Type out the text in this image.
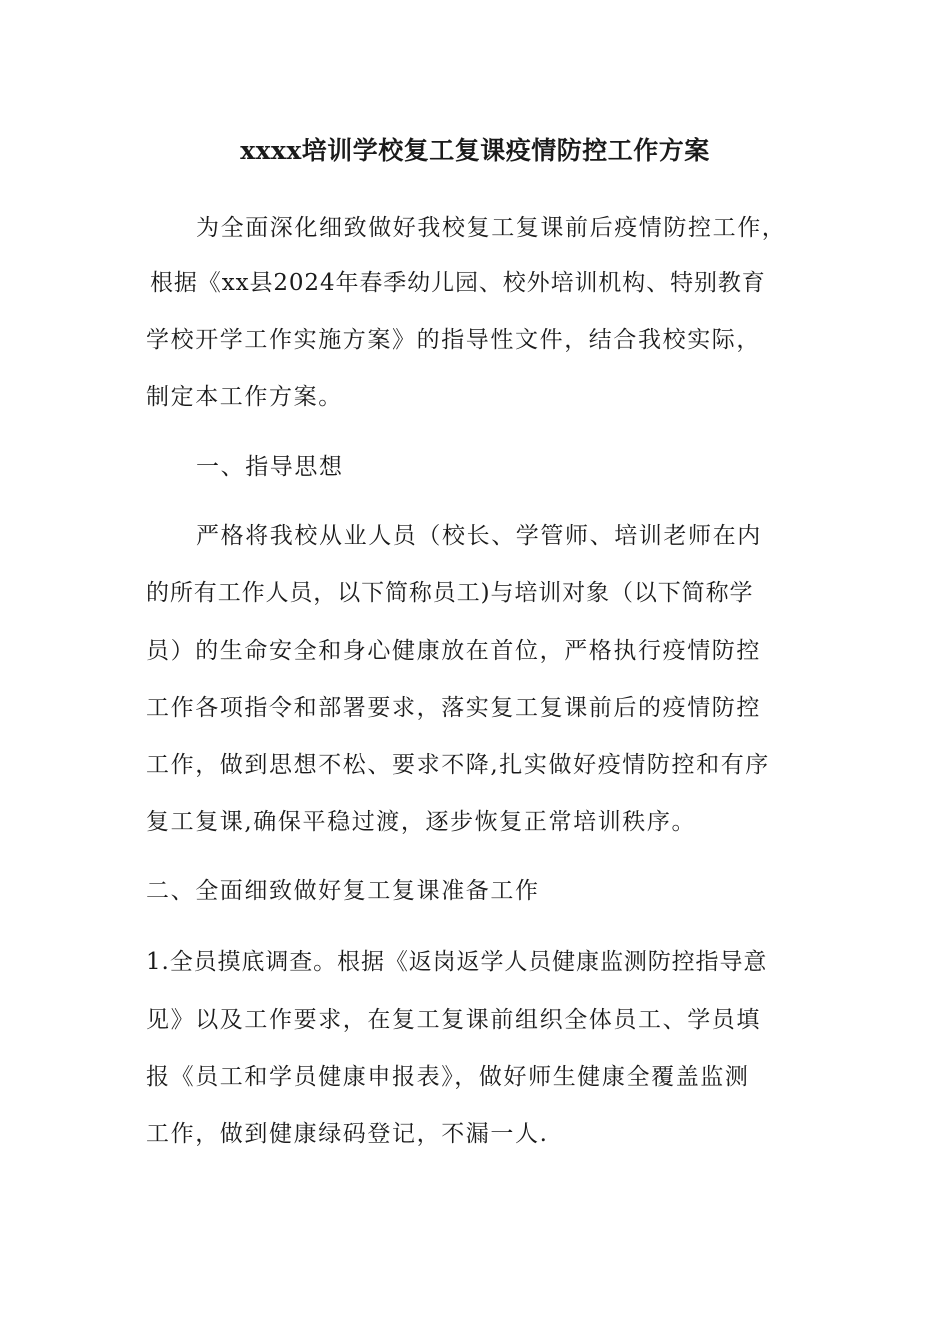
xxxx培训学校复工复课疫情防控工作方案

为全面深化细致做好我校复工复课前后疫情防控工作，

根据《xx县2024年春季幼儿园、校外培训机构、特别教育

学校开学工作实施方案》的指导性文件，结合我校实际，

制定本工作方案。

一、指导思想

严格将我校从业人员（校长、学管师、培训老师在内

的所有工作人员，以下简称员工)与培训对象（以下简称学

员）的生命安全和身心健康放在首位，严格执行疫情防控

工作各项指令和部署要求，落实复工复课前后的疫情防控

工作，做到思想不松、要求不降,扎实做好疫情防控和有序

复工复课,确保平稳过渡，逐步恢复正常培训秩序。

二、全面细致做好复工复课准备工作

1.全员摸底调查。根据《返岗返学人员健康监测防控指导意

见》以及工作要求，在复工复课前组织全体员工、学员填

报《员工和学员健康申报表》，做好师生健康全覆盖监测

工作，做到健康绿码登记，不漏一人.
